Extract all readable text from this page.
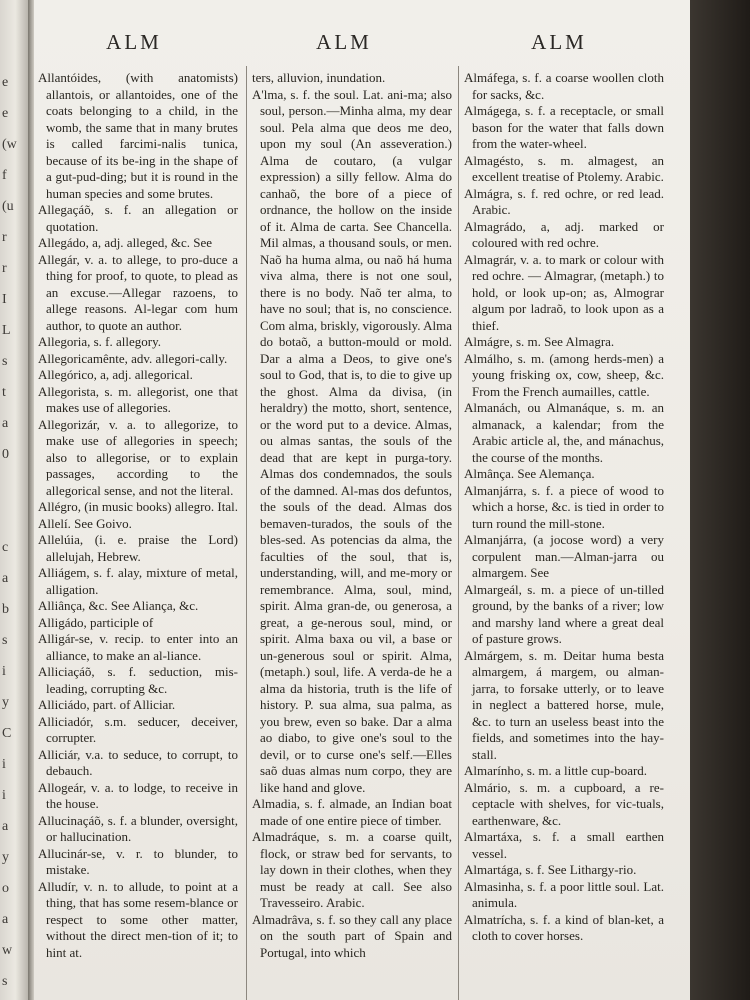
e
e
(w
f
(u
r
r
I
L
s
t
a
0
c
a
b
s
i
y
C
i
i
a
y
o
a
w
s
ALM	ALM	ALM

Allantóides, (with anatomists) allantois, or allantoides, one of the coats belonging to a child, in the womb, the same that in many brutes is called farcimi-nalis tunica, because of its be-ing in the shape of a gut-pud-ding; but it is round in the human species and some brutes.

Allegaçáõ, s. f. an allegation or quotation.

Allegádo, a, adj. alleged, &c. See

Allegár, v. a. to allege, to pro-duce a thing for proof, to quote, to plead as an excuse.—Allegar razoens, to allege reasons. Al-legar com hum author, to quote an author.

Allegoria, s. f. allegory.

Allegoricamênte, adv. allegori-cally.

Allegórico, a, adj. allegorical.

Allegorista, s. m. allegorist, one that makes use of allegories.

Allegorizár, v. a. to allegorize, to make use of allegories in speech; also to allegorise, or to explain passages, according to the allegorical sense, and not the literal.

Allégro, (in music books) allegro. Ital.

Allelí. See Goivo.

Allelúia, (i. e. praise the Lord) allelujah, Hebrew.

Alliágem, s. f. alay, mixture of metal, alligation.

Alliânça, &c. See Aliança, &c.

Alligádo, participle of

Alligár-se, v. recip. to enter into an alliance, to make an al-liance.

Alliciaçáõ, s. f. seduction, mis-leading, corrupting &c.

Alliciádo, part. of Alliciar.

Alliciadór, s.m. seducer, deceiver, corrupter.

Alliciár, v.a. to seduce, to corrupt, to debauch.

Allogeár, v. a. to lodge, to receive in the house.

Allucinaçáõ, s. f. a blunder, oversight, or hallucination.

Allucinár-se, v. r. to blunder, to mistake.

Alludír, v. n. to allude, to point at a thing, that has some resem-blance or respect to some other matter, without the direct men-tion of it; to hint at.

ters, alluvion, inundation.

A'lma, s. f. the soul. Lat. ani-ma; also soul, person.—Minha alma, my dear soul. Pela alma que deos me deo, upon my soul (An asseveration.) Alma de coutaro, (a vulgar expression) a silly fellow. Alma do canhaõ, the bore of a piece of ordnance, the hollow on the inside of it. Alma de carta. See Chancella. Mil almas, a thousand souls, or men. Naõ ha huma alma, ou naõ há huma viva alma, there is not one soul, there is no body. Naõ ter alma, to have no soul; that is, no conscience. Com alma, briskly, vigorously. Alma do botaõ, a button-mould or mold. Dar a alma a Deos, to give one's soul to God, that is, to die to give up the ghost. Alma da divisa, (in heraldry) the motto, short, sentence, or the word put to a device. Almas, ou almas santas, the souls of the dead that are kept in purga-tory. Almas dos condemnados, the souls of the damned. Al-mas dos defuntos, the souls of the dead. Almas dos bemaven-turados, the souls of the bles-sed. As potencias da alma, the faculties of the soul, that is, understanding, will, and me-mory or remembrance. Alma, soul, mind, spirit. Alma gran-de, ou generosa, a great, a ge-nerous soul, mind, or spirit. Alma baxa ou vil, a base or un-generous soul or spirit. Alma, (metaph.) soul, life. A verda-de he a alma da historia, truth is the life of history. P. sua alma, sua palma, as you brew, even so bake. Dar a alma ao diabo, to give one's soul to the devil, or to curse one's self.—Elles saõ duas almas num corpo, they are like hand and glove.

Almadia, s. f. almade, an Indian boat made of one entire piece of timber.

Almadráque, s. m. a coarse quilt, flock, or straw bed for servants, to lay down in their clothes, when they must be ready at call. See also Travesseiro. Arabic.

Almadrâva, s. f. so they call any place on the south part of Spain and Portugal, into which

Almáfega, s. f. a coarse woollen cloth for sacks, &c.

Almágega, s. f. a receptacle, or small bason for the water that falls down from the water-wheel.

Almagésto, s. m. almagest, an excellent treatise of Ptolemy. Arabic.

Almágra, s. f. red ochre, or red lead. Arabic.

Almagrádo, a, adj. marked or coloured with red ochre.

Almagrár, v. a. to mark or colour with red ochre. — Almagrar, (metaph.) to hold, or look up-on; as, Almograr algum por ladraõ, to look upon as a thief.

Almágre, s. m. See Almagra.

Almálho, s. m. (among herds-men) a young frisking ox, cow, sheep, &c. From the French aumailles, cattle.

Almanách, ou Almanáque, s. m. an almanack, a kalendar; from the Arabic article al, the, and mánachus, the course of the months.

Almânça. See Alemança.

Almanjárra, s. f. a piece of wood to which a horse, &c. is tied in order to turn round the mill-stone.

Almanjárra, (a jocose word) a very corpulent man.—Alman-jarra ou almargem. See

Almargeál, s. m. a piece of un-tilled ground, by the banks of a river; low and marshy land where a great deal of pasture grows.

Almárgem, s. m. Deitar huma besta almargem, á margem, ou alman-jarra, to forsake utterly, or to leave in neglect a battered horse, mule, &c. to turn an useless beast into the fields, and sometimes into the hay-stall.

Almarínho, s. m. a little cup-board.

Almário, s. m. a cupboard, a re-ceptacle with shelves, for vic-tuals, earthenware, &c.

Almartáxa, s. f. a small earthen vessel.

Almartága, s. f. See Lithargy-rio.

Almasinha, s. f. a poor little soul. Lat. animula.

Almatrícha, s. f. a kind of blan-ket, a cloth to cover horses.
